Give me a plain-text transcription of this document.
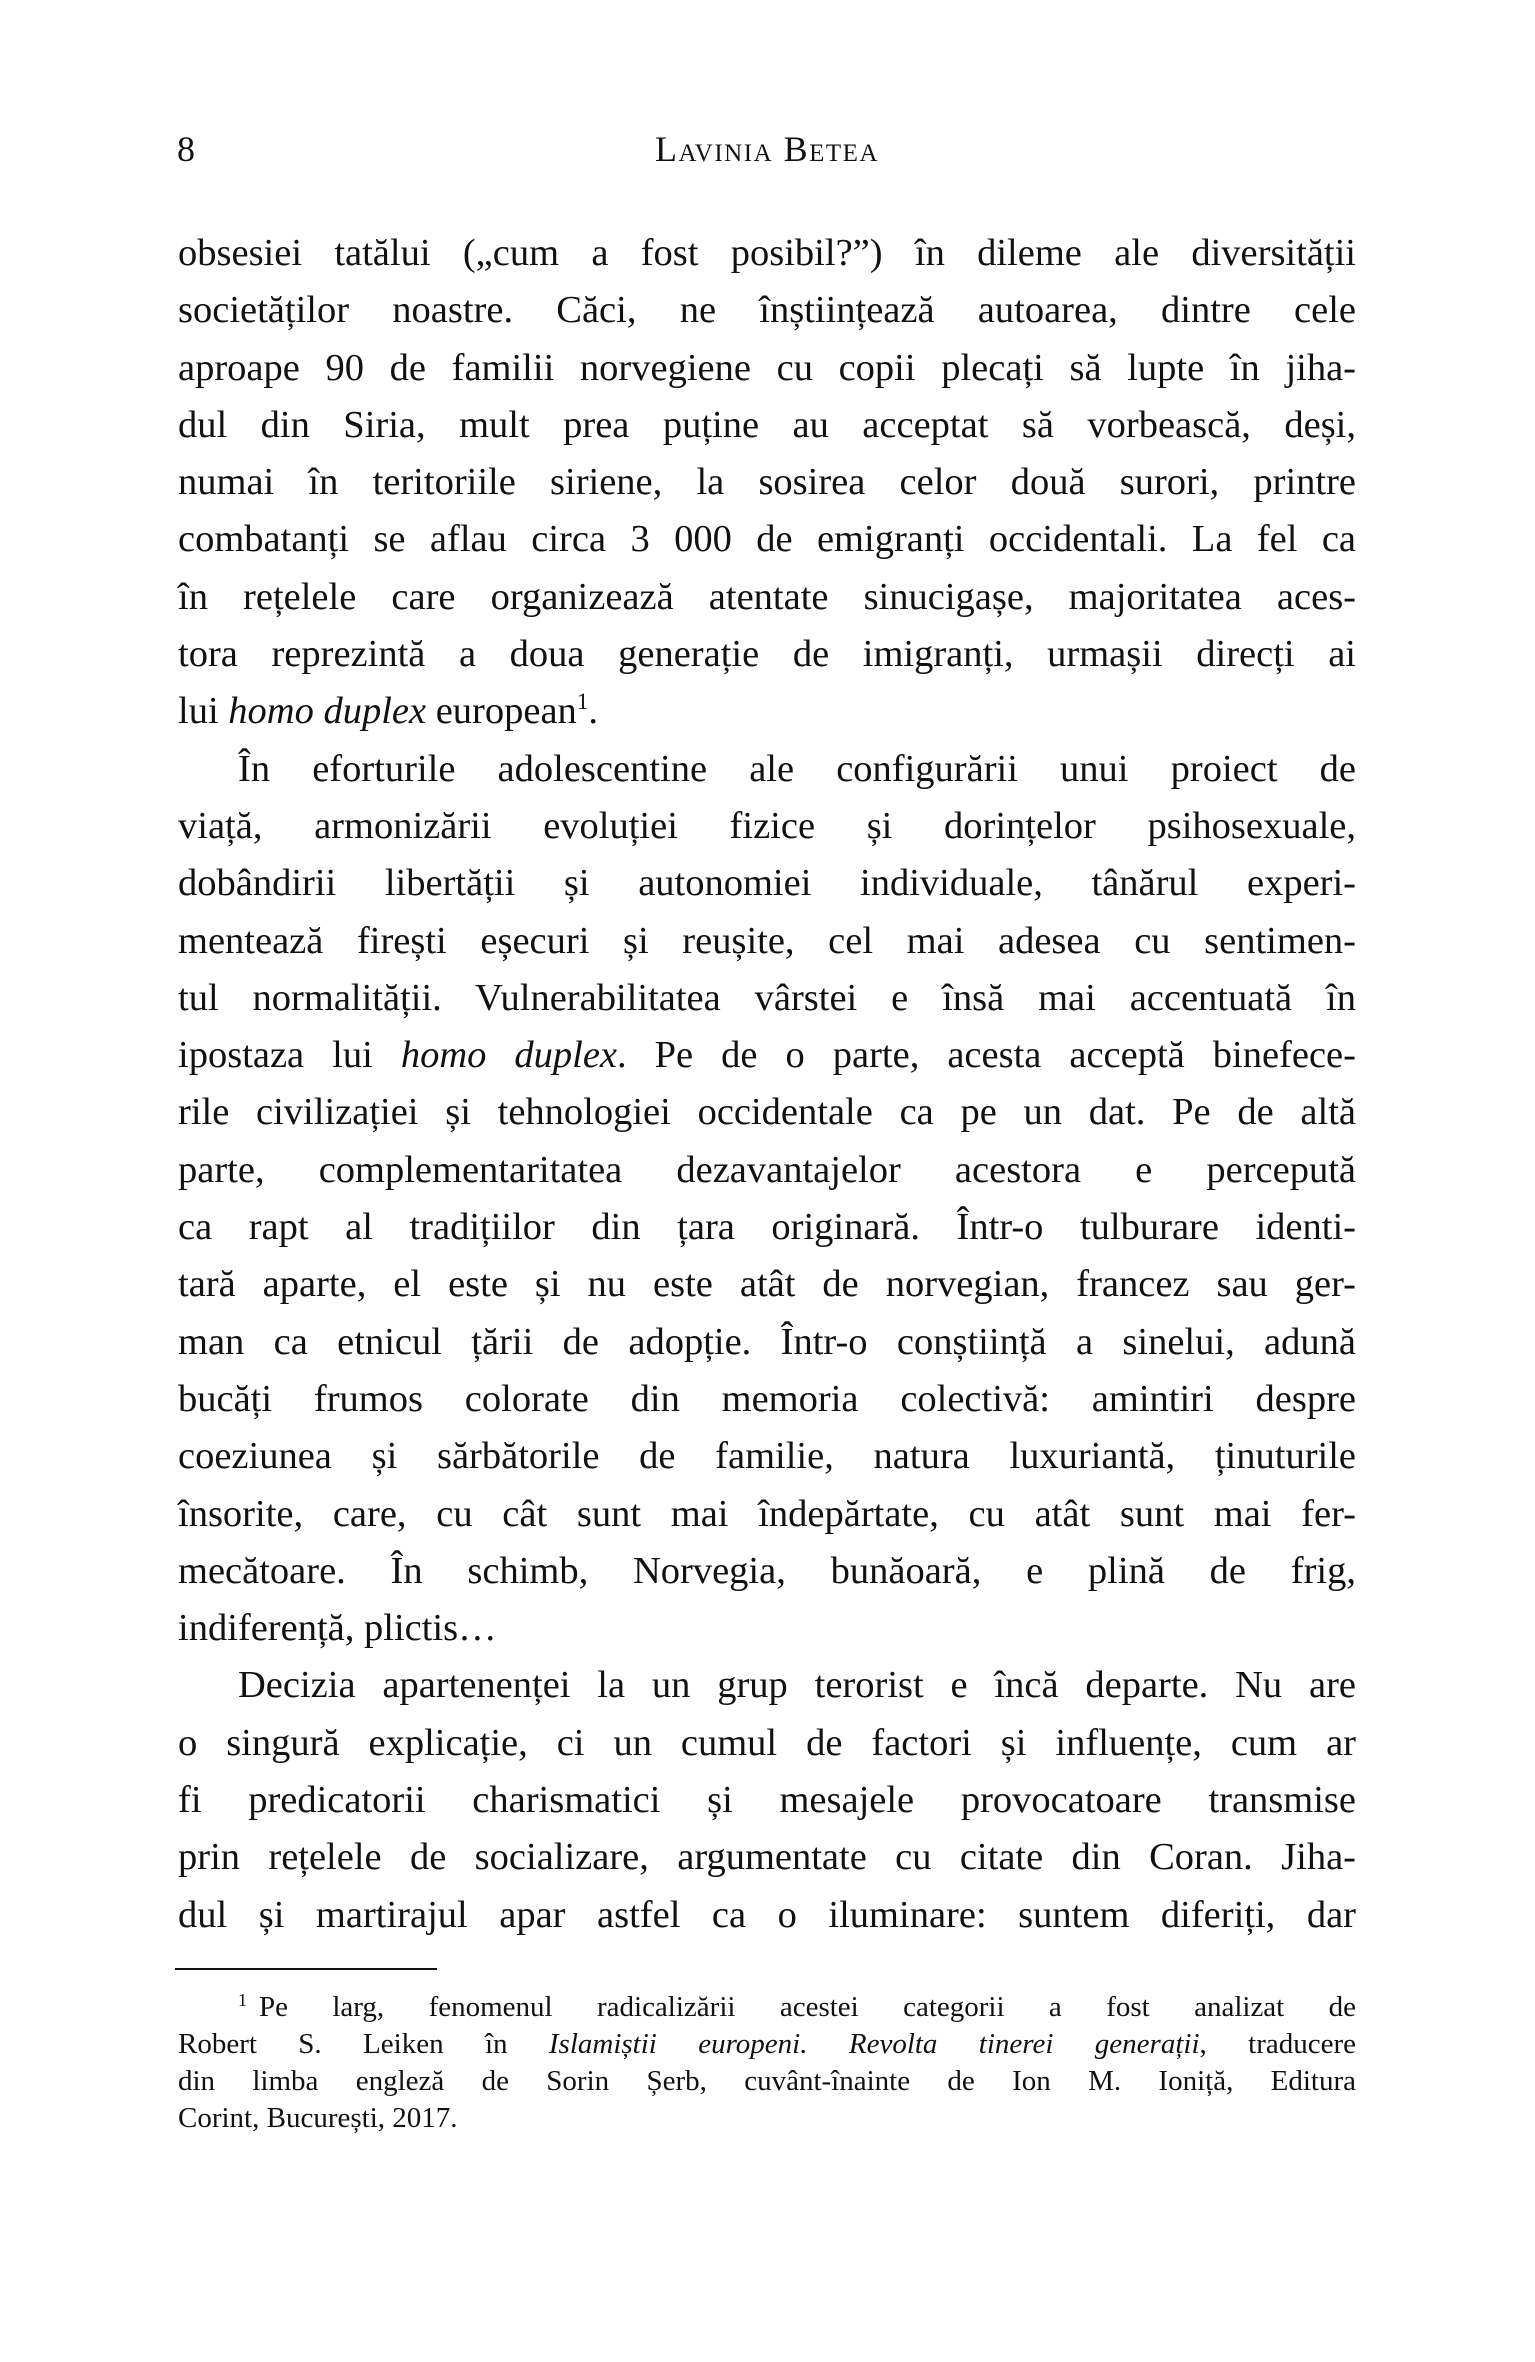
8	Lavinia Betea
obsesiei tatălui („cum a fost posibil?”) în dileme ale diversității
societăților noastre. Căci, ne înștiințează autoarea, dintre cele
aproape 90 de familii norvegiene cu copii plecați să lupte în jiha-
dul din Siria, mult prea puține au acceptat să vorbească, deși,
numai în teritoriile siriene, la sosirea celor două surori, printre
combatanți se aflau circa 3 000 de emigranți occidentali. La fel ca
în rețelele care organizează atentate sinucigașe, majoritatea aces-
tora reprezintă a doua generație de imigranți, urmașii direcți ai
lui homo duplex european$^1$.
În eforturile adolescentine ale configurării unui proiect de
viață, armonizării evoluției fizice și dorințelor psihosexuale,
dobândirii libertății și autonomiei individuale, tânărul experi-
mentează firești eșecuri și reușite, cel mai adesea cu sentimen-
tul normalității. Vulnerabilitatea vârstei e însă mai accentuată în
ipostaza lui homo duplex. Pe de o parte, acesta acceptă binefece-
rile civilizației și tehnologiei occidentale ca pe un dat. Pe de altă
parte, complementaritatea dezavantajelor acestora e percepută
ca rapt al tradițiilor din țara originară. Într-o tulburare identi-
tară aparte, el este și nu este atât de norvegian, francez sau ger-
man ca etnicul țării de adopție. Într-o conștiință a sinelui, adună
bucăți frumos colorate din memoria colectivă: amintiri despre
coeziunea și sărbătorile de familie, natura luxuriantă, ținuturile
însorite, care, cu cât sunt mai îndepărtate, cu atât sunt mai fer-
mecătoare. În schimb, Norvegia, bunăoară, e plină de frig,
indiferență, plictis…
Decizia apartenenței la un grup terorist e încă departe. Nu are
o singură explicație, ci un cumul de factori și influențe, cum ar
fi predicatorii charismatici și mesajele provocatoare transmise
prin rețelele de socializare, argumentate cu citate din Coran. Jiha-
dul și martirajul apar astfel ca o iluminare: suntem diferiți, dar
$^1$ Pe larg, fenomenul radicalizării acestei categorii a fost analizat de
Robert S. Leiken în Islamiștii europeni. Revolta tinerei generații, traducere
din limba engleză de Sorin Șerb, cuvânt-înainte de Ion M. Ioniță, Editura
Corint, București, 2017.
